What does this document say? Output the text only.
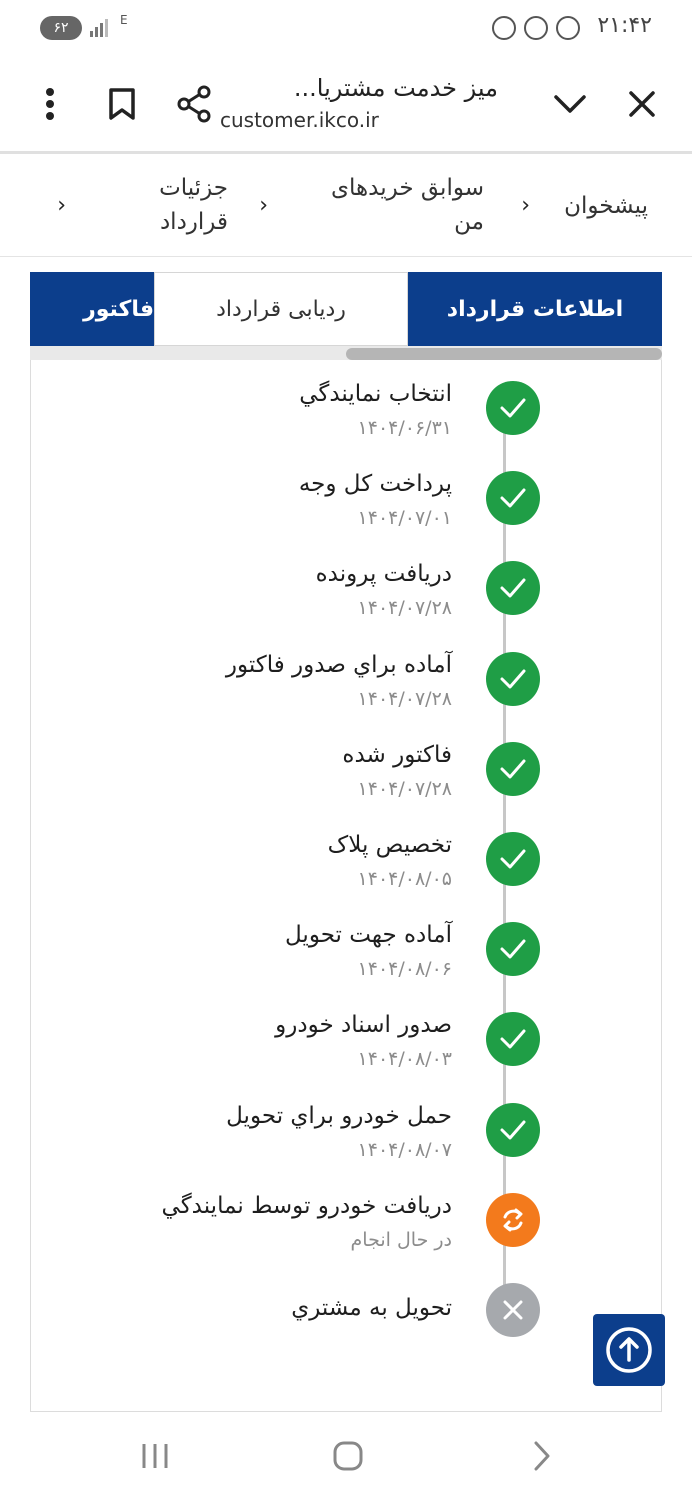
۶۲	E	۲۱:۴۲
میز خدمت مشتریا...
customer.ikco.ir
پیشخوان
‹
سوابق خریدهای من
‹
جزئیات قرارداد
‹
اطلاعات قرارداد
ردیابی قرارداد
فاکتور
انتخاب نمايندگي
۱۴۰۴/۰۶/۳۱
پرداخت كل وجه
۱۴۰۴/۰۷/۰۱
دريافت پرونده
۱۴۰۴/۰۷/۲۸
آماده براي صدور فاكتور
۱۴۰۴/۰۷/۲۸
فاكتور شده
۱۴۰۴/۰۷/۲۸
تخصيص پلاک
۱۴۰۴/۰۸/۰۵
آماده جهت تحويل
۱۴۰۴/۰۸/۰۶
صدور اسناد خودرو
۱۴۰۴/۰۸/۰۳
حمل خودرو براي تحويل
۱۴۰۴/۰۸/۰۷
دريافت خودرو توسط نمايندگي
در حال انجام
تحويل به مشتري
